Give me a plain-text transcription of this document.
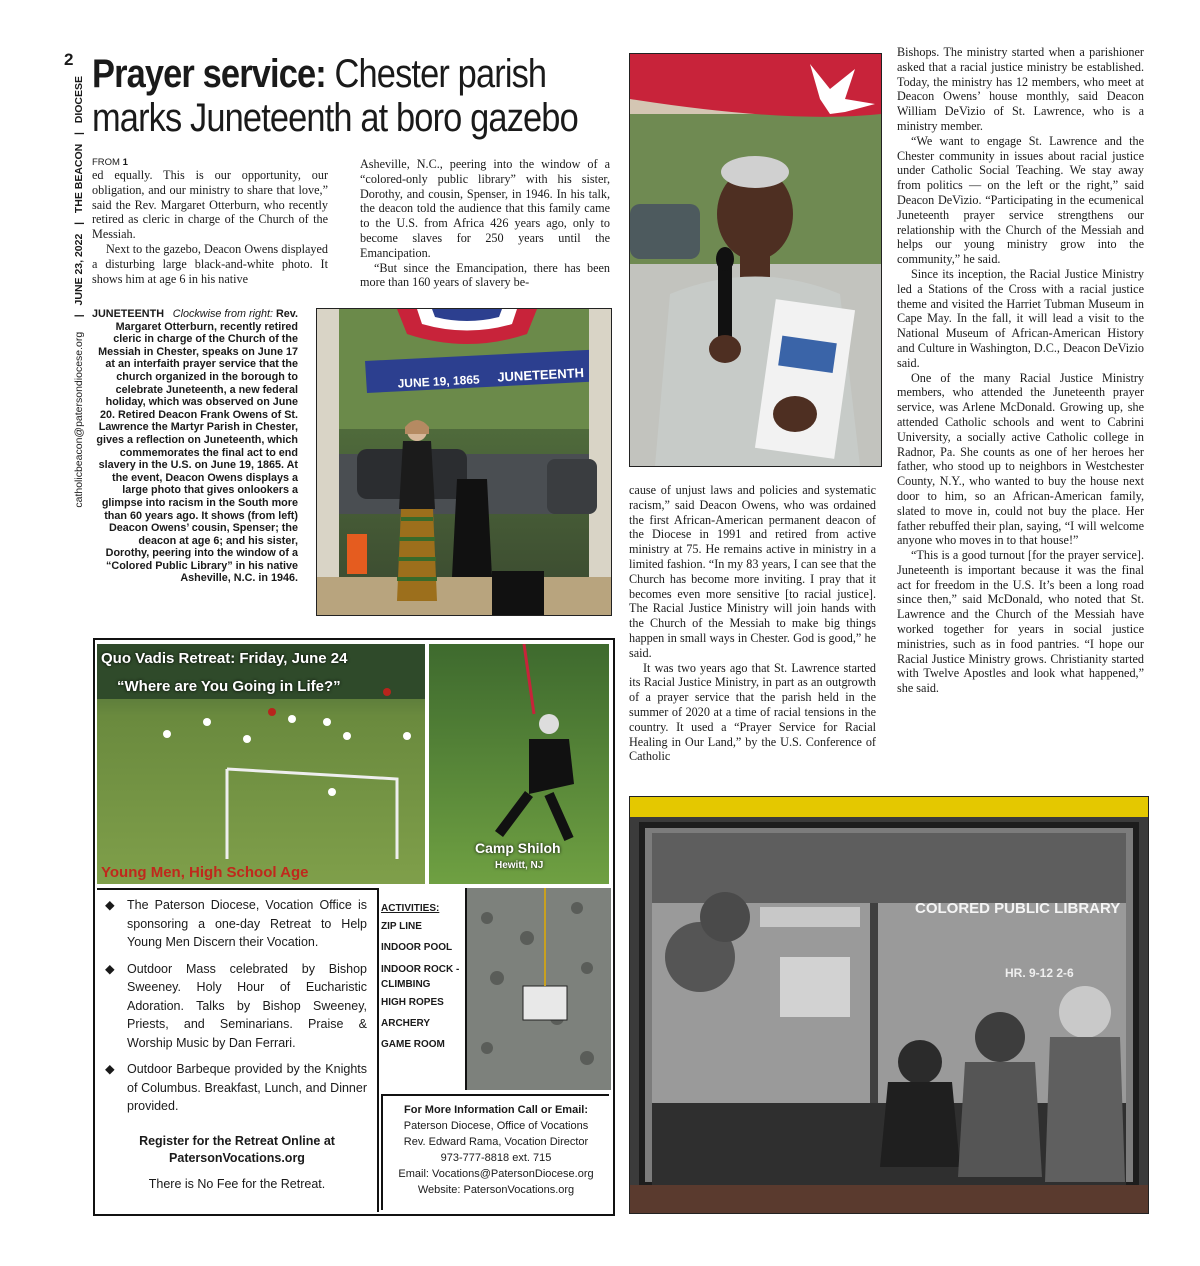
2
catholicbeacon@patersondiocese.org     |   JUNE 23, 2022   |   THE BEACON   |   DIOCESE
Prayer service: Chester parish marks Juneteenth at boro gazebo
FROM 1

ed equally. This is our opportunity, our obligation, and our ministry to share that love,” said the Rev. Margaret Otterburn, who recently retired as cleric in charge of the Church of the Messiah.

Next to the gazebo, Deacon Owens displayed a disturbing large black-and-white photo. It shows him at age 6 in his native

Asheville, N.C., peering into the window of a “colored-only public library” with his sister, Dorothy, and cousin, Spenser, in 1946. In his talk, the deacon told the audience that this family came to the U.S. from Africa 426 years ago, only to become slaves for 250 years until the Emancipation.

“But since the Emancipation, there has been more than 160 years of slavery be-

JUNETEENTH Clockwise from right: Rev. Margaret Otterburn, recently retired cleric in charge of the Church of the Messiah in Chester, speaks on June 17 at an interfaith prayer service that the church organized in the borough to celebrate Juneteenth, a new federal holiday, which was observed on June 20. Retired Deacon Frank Owens of St. Lawrence the Martyr Parish in Chester, gives a reflection on Juneteenth, which commemorates the final act to end slavery in the U.S. on June 19, 1865. At the event, Deacon Owens displays a large photo that gives onlookers a glimpse into racism in the South more than 60 years ago. It shows (from left) Deacon Owens’ cousin, Spenser; the deacon at age 6; and his sister, Dorothy, peering into the window of a “Colored Public Library” in his native Asheville, N.C. in 1946.
JUNE 19, 1865 JUNETEENTH

cause of unjust laws and policies and systematic racism,” said Deacon Owens, who was ordained the first African-American permanent deacon of the Diocese in 1991 and retired from active ministry at 75. He remains active in ministry in a limited fashion. “In my 83 years, I can see that the Church has become more inviting. I pray that it becomes even more sensitive [to racial justice]. The Racial Justice Ministry will join hands with the Church of the Messiah to make big things happen in small ways in Chester. God is good,” he said.

It was two years ago that St. Lawrence started its Racial Justice Ministry, in part as an outgrowth of a prayer service that the parish held in the summer of 2020 at a time of racial tensions in the country. It used a “Prayer Service for Racial Healing in Our Land,” by the U.S. Conference of Catholic

Bishops. The ministry started when a parishioner asked that a racial justice ministry be established. Today, the ministry has 12 members, who meet at Deacon Owens’ house monthly, said Deacon William DeVizio of St. Lawrence, who is a ministry member.

“We want to engage St. Lawrence and the Chester community in issues about racial justice under Catholic Social Teaching. We stay away from politics — on the left or the right,” said Deacon DeVizio. “Participating in the ecumenical Juneteenth prayer service strengthens our relationship with the Church of the Messiah and helps our young ministry grow into the community,” he said.

Since its inception, the Racial Justice Ministry led a Stations of the Cross with a racial justice theme and visited the Harriet Tubman Museum in Cape May. In the fall, it will lead a visit to the National Museum of African-American History and Culture in Washington, D.C., Deacon DeVizio said.

One of the many Racial Justice Ministry members, who attended the Juneteenth prayer service, was Arlene McDonald. Growing up, she attended Catholic schools and went to Cabrini University, a socially active Catholic college in Radnor, Pa. She counts as one of her heroes her father, who stood up to neighbors in Westchester County, N.Y., who wanted to buy the house next door to him, so an African-American family, slated to move in, could not buy the place. Her father rebuffed their plan, saying, “I will welcome anyone who moves in to that house!”

“This is a good turnout [for the prayer service]. Juneteenth is important because it was the final act for freedom in the U.S. It’s been a long road since then,” said McDonald, who noted that St. Lawrence and the Church of the Messiah have worked together for years in social justice ministries, such as in food pantries. “I hope our Racial Justice Ministry grows. Christianity started with Twelve Apostles and look what happened,” she said.

COLORED PUBLIC LIBRARY
HR. 9-12 2-6
Quo Vadis Retreat: Friday, June 24
“Where are You Going in Life?”
Young Men, High School Age
Camp Shiloh
Hewitt, NJ
◆ The Paterson Diocese, Vocation Office is sponsoring a one-day Retreat to Help Young Men Discern their Vocation.
◆ Outdoor Mass celebrated by Bishop Sweeney. Holy Hour of Eucharistic Adoration. Talks by Bishop Sweeney, Priests, and Seminarians. Praise & Worship Music by Dan Ferrari.
◆ Outdoor Barbeque provided by the Knights of Columbus. Breakfast, Lunch, and Dinner provided.
Register for the Retreat Online at
PatersonVocations.org
There is No Fee for the Retreat.
ACTIVITIES:
ZIP LINE
INDOOR POOL
INDOOR ROCK -CLIMBING
HIGH ROPES
ARCHERY
GAME ROOM
For More Information Call or Email:
Paterson Diocese, Office of Vocations
Rev. Edward Rama, Vocation Director
973-777-8818 ext. 715
Email: Vocations@PatersonDiocese.org
Website: PatersonVocations.org
